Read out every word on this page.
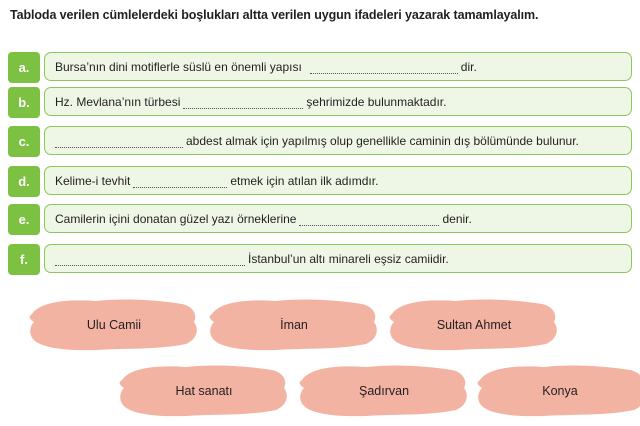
Tabloda verilen cümlelerdeki boşlukları altta verilen uygun ifadeleri yazarak tamamlayalım.
a.	Bursa’nın dini motiflerle süslü en önemli yapısı	dir.
b.	Hz. Mevlana’nın türbesi	şehrimizde bulunmaktadır.
c.	abdest almak için yapılmış olup genellikle caminin dış bölümünde bulunur.
d.	Kelime-i tevhit	etmek için atılan ilk adımdır.
e.	Camilerin içini donatan güzel yazı örneklerine	denir.
f.	İstanbul’un altı minareli eşsiz camiidir.
Ulu Camii	İman	Sultan Ahmet
Hat sanatı	Şadırvan	Konya
